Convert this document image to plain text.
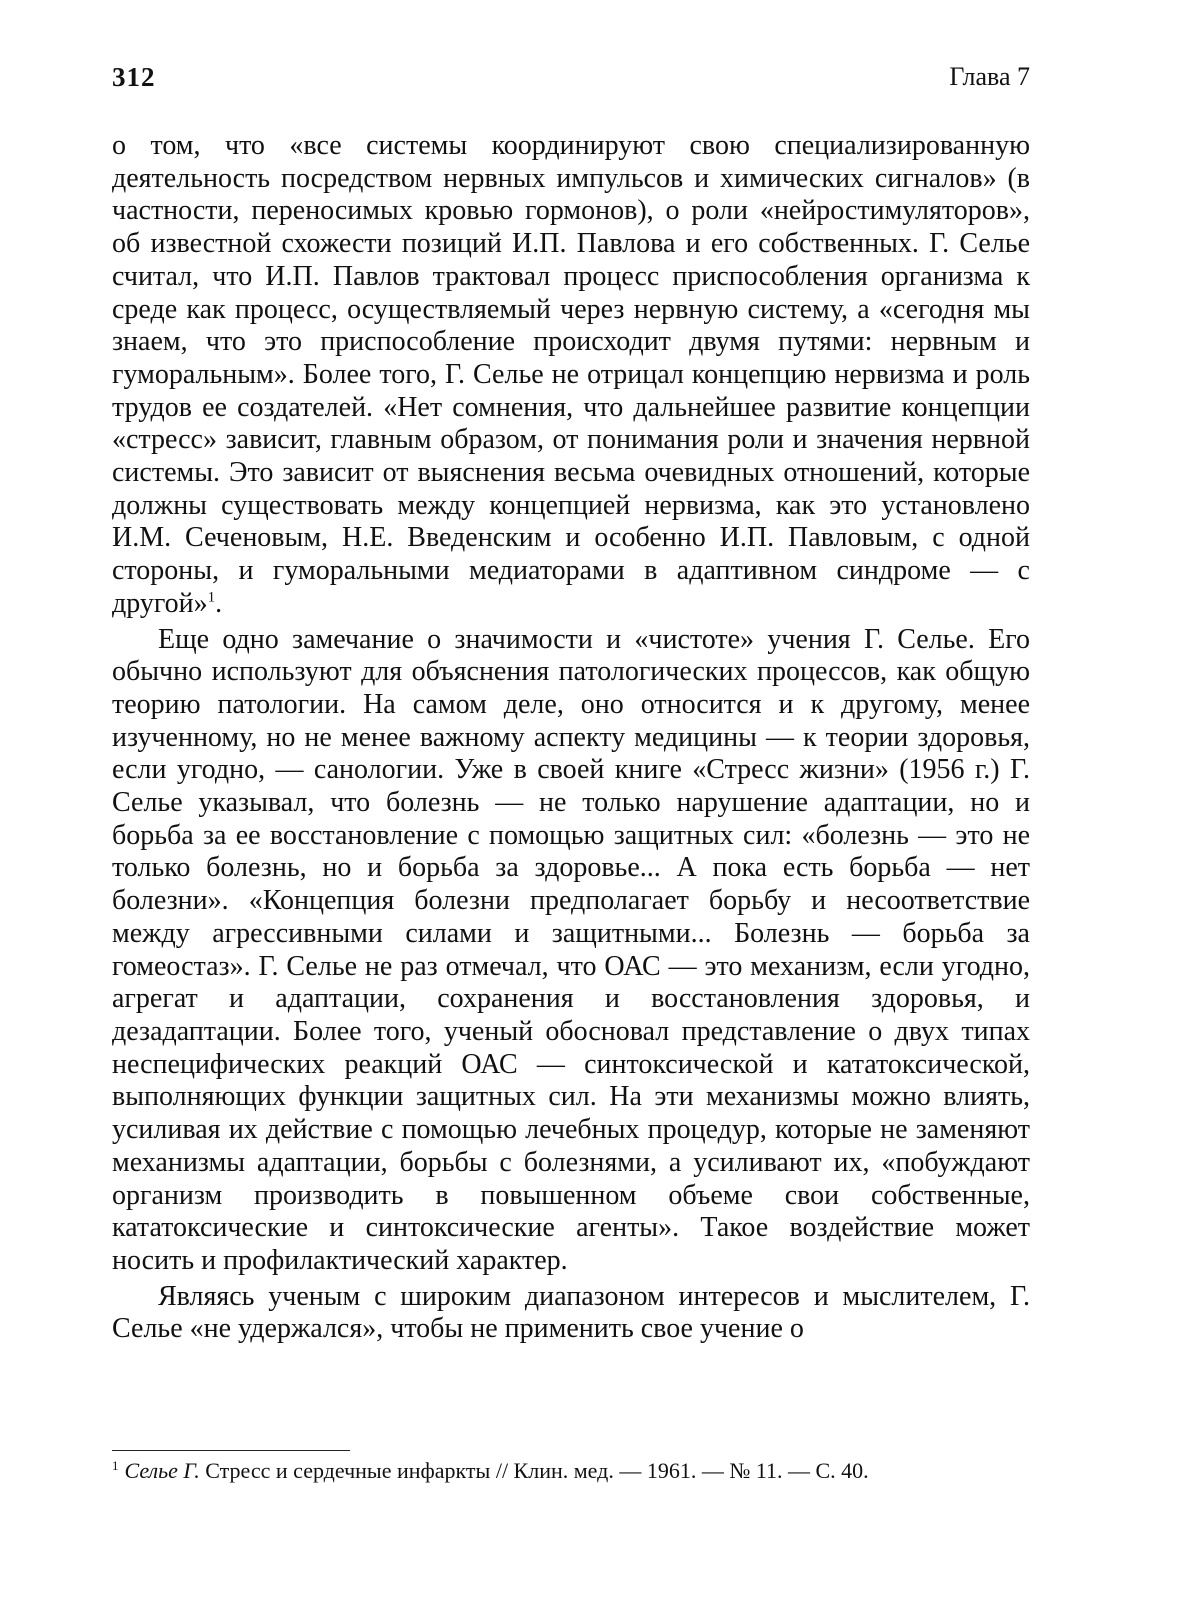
312	Глава 7

о том, что «все системы координируют свою специализированную деятельность посредством нервных импульсов и химических сигналов» (в частности, переносимых кровью гормонов), о роли «нейростимуляторов», об известной схожести позиций И.П. Павлова и его собственных. Г. Селье считал, что И.П. Павлов трактовал процесс приспособления организма к среде как процесс, осуществляемый через нервную систему, а «сегодня мы знаем, что это приспособление происходит двумя путями: нервным и гуморальным». Более того, Г. Селье не отрицал концепцию нервизма и роль трудов ее создателей. «Нет сомнения, что дальнейшее развитие концепции «стресс» зависит, главным образом, от понимания роли и значения нервной системы. Это зависит от выяснения весьма очевидных отношений, которые должны существовать между концепцией нервизма, как это установлено И.М. Сеченовым, Н.Е. Введенским и особенно И.П. Павловым, с одной стороны, и гуморальными медиаторами в адаптивном синдроме — с другой»$^1$.

Еще одно замечание о значимости и «чистоте» учения Г. Селье. Его обычно используют для объяснения патологических процессов, как общую теорию патологии. На самом деле, оно относится и к другому, менее изученному, но не менее важному аспекту медицины — к теории здоровья, если угодно, — санологии. Уже в своей книге «Стресс жизни» (1956 г.) Г. Селье указывал, что болезнь — не только нарушение адаптации, но и борьба за ее восстановление с помощью защитных сил: «болезнь — это не только болезнь, но и борьба за здоровье... А пока есть борьба — нет болезни». «Концепция болезни предполагает борьбу и несоответствие между агрессивными силами и защитными... Болезнь — борьба за гомеостаз». Г. Селье не раз отмечал, что ОАС — это механизм, если угодно, агрегат и адаптации, сохранения и восстановления здоровья, и дезадаптации. Более того, ученый обосновал представление о двух типах неспецифических реакций ОАС — синтоксической и кататоксической, выполняющих функции защитных сил. На эти механизмы можно влиять, усиливая их действие с помощью лечебных процедур, которые не заменяют механизмы адаптации, борьбы с болезнями, а усиливают их, «побуждают организм производить в повышенном объеме свои собственные, кататоксические и синтоксические агенты». Такое воздействие может носить и профилактический характер.

Являясь ученым с широким диапазоном интересов и мыслителем, Г. Селье «не удержался», чтобы не применить свое учение о

$^1$ Селье Г. Стресс и сердечные инфаркты // Клин. мед. — 1961. — № 11. — С. 40.
